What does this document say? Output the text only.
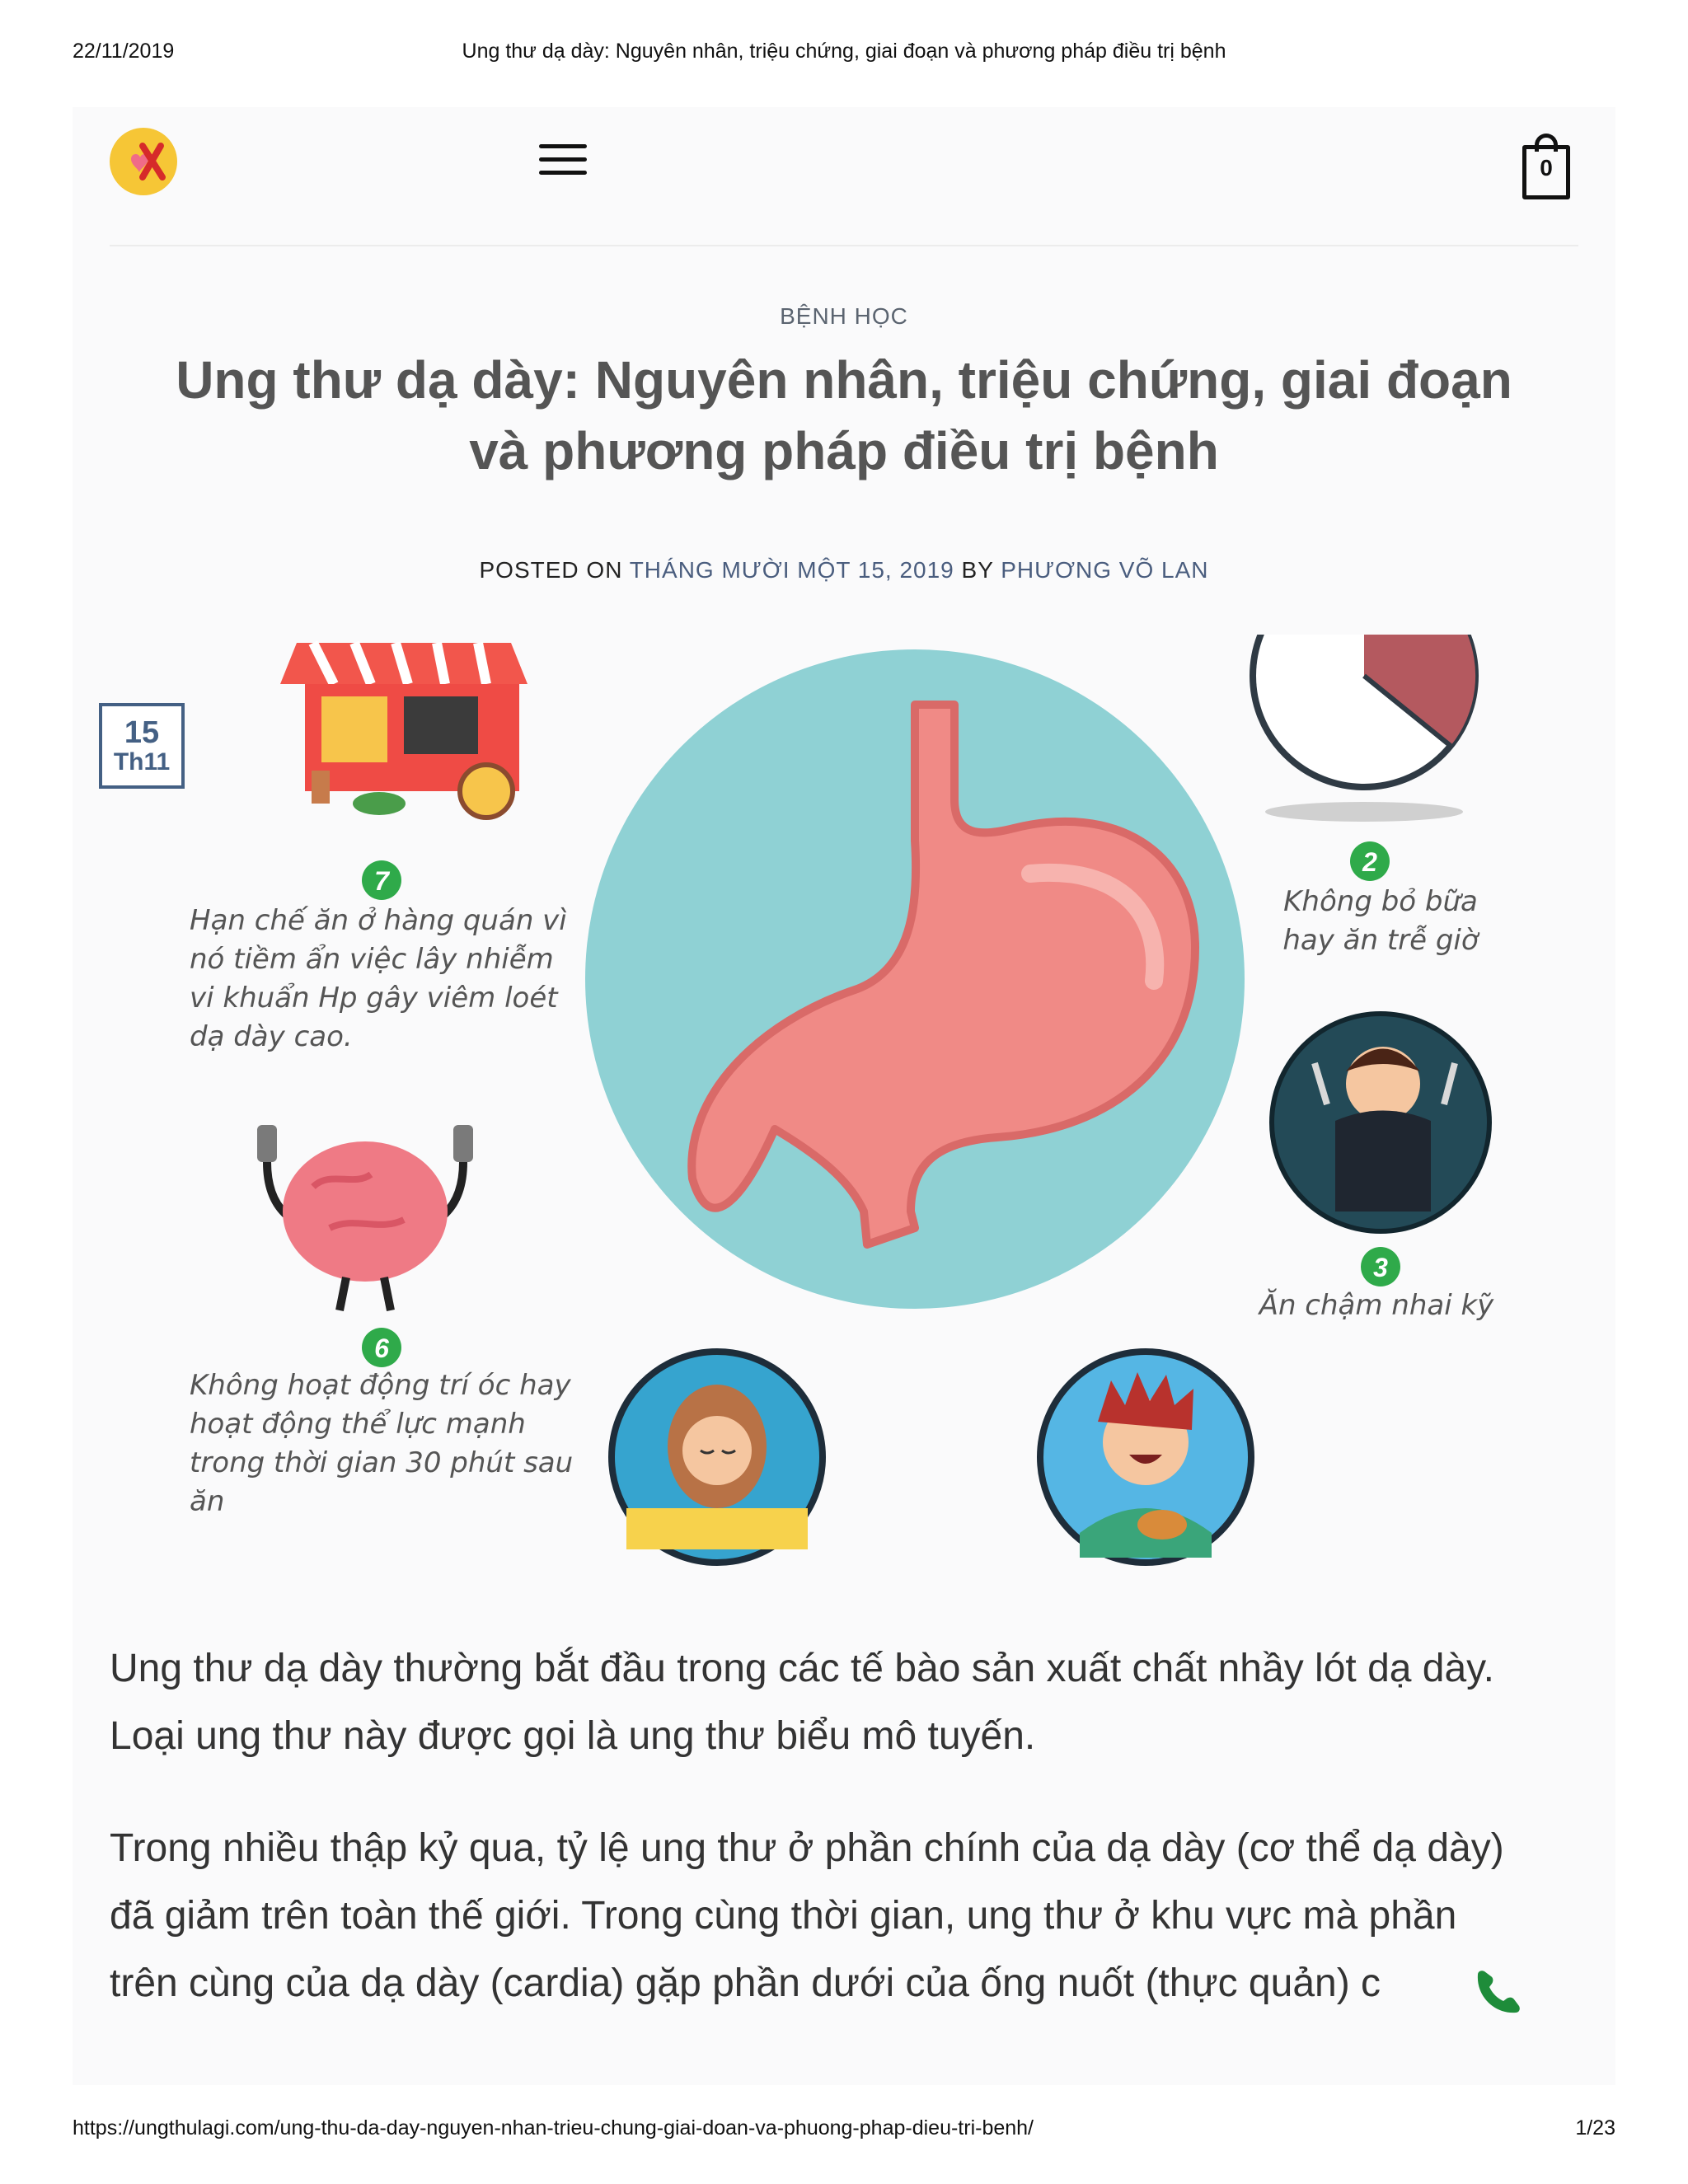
22/11/2019	Ung thư dạ dày: Nguyên nhân, triệu chứng, giai đoạn và phương pháp điều trị bệnh
0
BỆNH HỌC
Ung thư dạ dày: Nguyên nhân, triệu chứng, giai đoạn
và phương pháp điều trị bệnh
POSTED ON THÁNG MƯỜI MỘT 15, 2019 BY PHƯƠNG VÕ LAN
7
Hạn chế ăn ở hàng quán vì
nó tiềm ẩn việc lây nhiễm
vi khuẩn Hp gây viêm loét
dạ dày cao.
6
Không hoạt động trí óc hay
hoạt động thể lực mạnh
trong thời gian 30 phút sau
ăn
2
Không bỏ bữa
hay ăn trễ giờ
3
Ăn chậm nhai kỹ
15
Th11

Ung thư dạ dày thường bắt đầu trong các tế bào sản xuất chất nhầy lót dạ dày.
Loại ung thư này được gọi là ung thư biểu mô tuyến.

Trong nhiều thập kỷ qua, tỷ lệ ung thư ở phần chính của dạ dày (cơ thể dạ dày)
đã giảm trên toàn thế giới. Trong cùng thời gian, ung thư ở khu vực mà phần
trên cùng của dạ dày (cardia) gặp phần dưới của ống nuốt (thực quản) c

https://ungthulagi.com/ung-thu-da-day-nguyen-nhan-trieu-chung-giai-doan-va-phuong-phap-dieu-tri-benh/	1/23
